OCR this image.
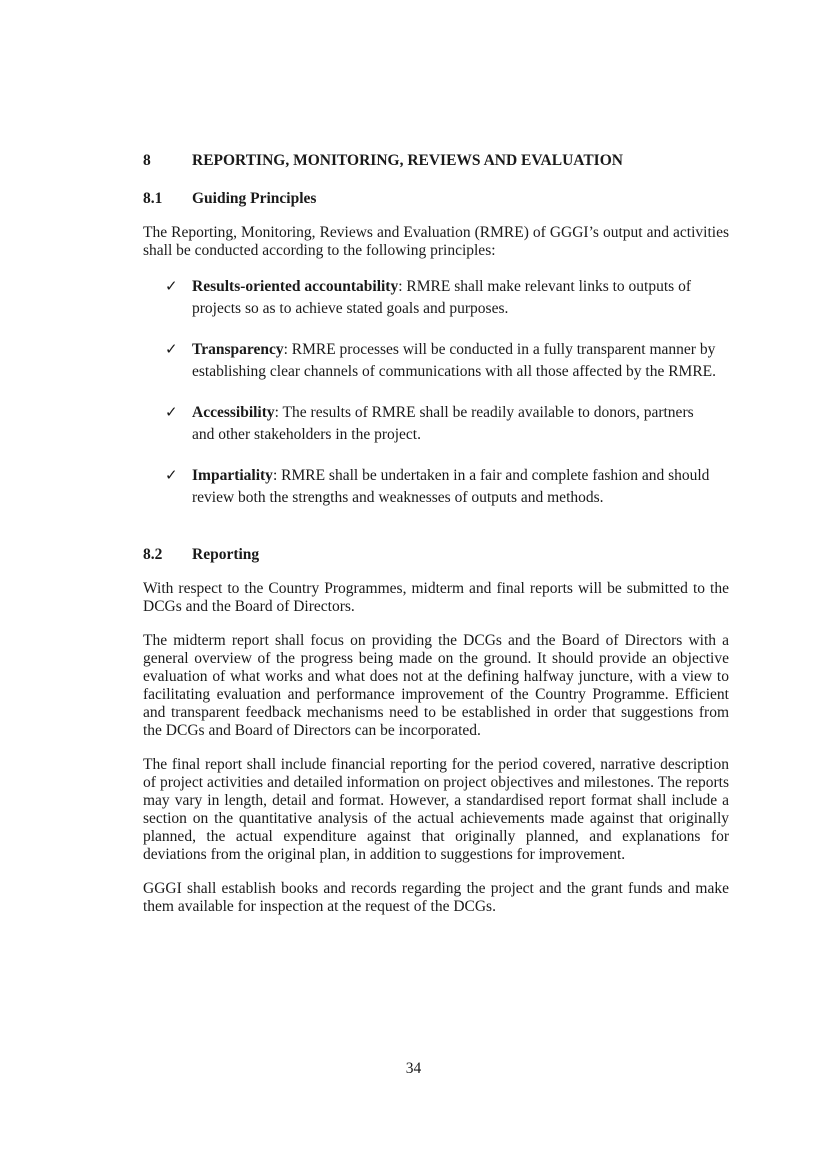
8	REPORTING, MONITORING, REVIEWS AND EVALUATION
8.1	Guiding Principles

The Reporting, Monitoring, Reviews and Evaluation (RMRE) of GGGI’s output and activities shall be conducted according to the following principles:

✓ Results-oriented accountability: RMRE shall make relevant links to outputs of projects so as to achieve stated goals and purposes.
✓ Transparency: RMRE processes will be conducted in a fully transparent manner by establishing clear channels of communications with all those affected by the RMRE.
✓ Accessibility: The results of RMRE shall be readily available to donors, partners and other stakeholders in the project.
✓ Impartiality: RMRE shall be undertaken in a fair and complete fashion and should review both the strengths and weaknesses of outputs and methods.
8.2	Reporting

With respect to the Country Programmes, midterm and final reports will be submitted to the DCGs and the Board of Directors.

The midterm report shall focus on providing the DCGs and the Board of Directors with a general overview of the progress being made on the ground. It should provide an objective evaluation of what works and what does not at the defining halfway juncture, with a view to facilitating evaluation and performance improvement of the Country Programme. Efficient and transparent feedback mechanisms need to be established in order that suggestions from the DCGs and Board of Directors can be incorporated.

The final report shall include financial reporting for the period covered, narrative description of project activities and detailed information on project objectives and milestones. The reports may vary in length, detail and format. However, a standardised report format shall include a section on the quantitative analysis of the actual achievements made against that originally planned, the actual expenditure against that originally planned, and explanations for deviations from the original plan, in addition to suggestions for improvement.

GGGI shall establish books and records regarding the project and the grant funds and make them available for inspection at the request of the DCGs.

34
